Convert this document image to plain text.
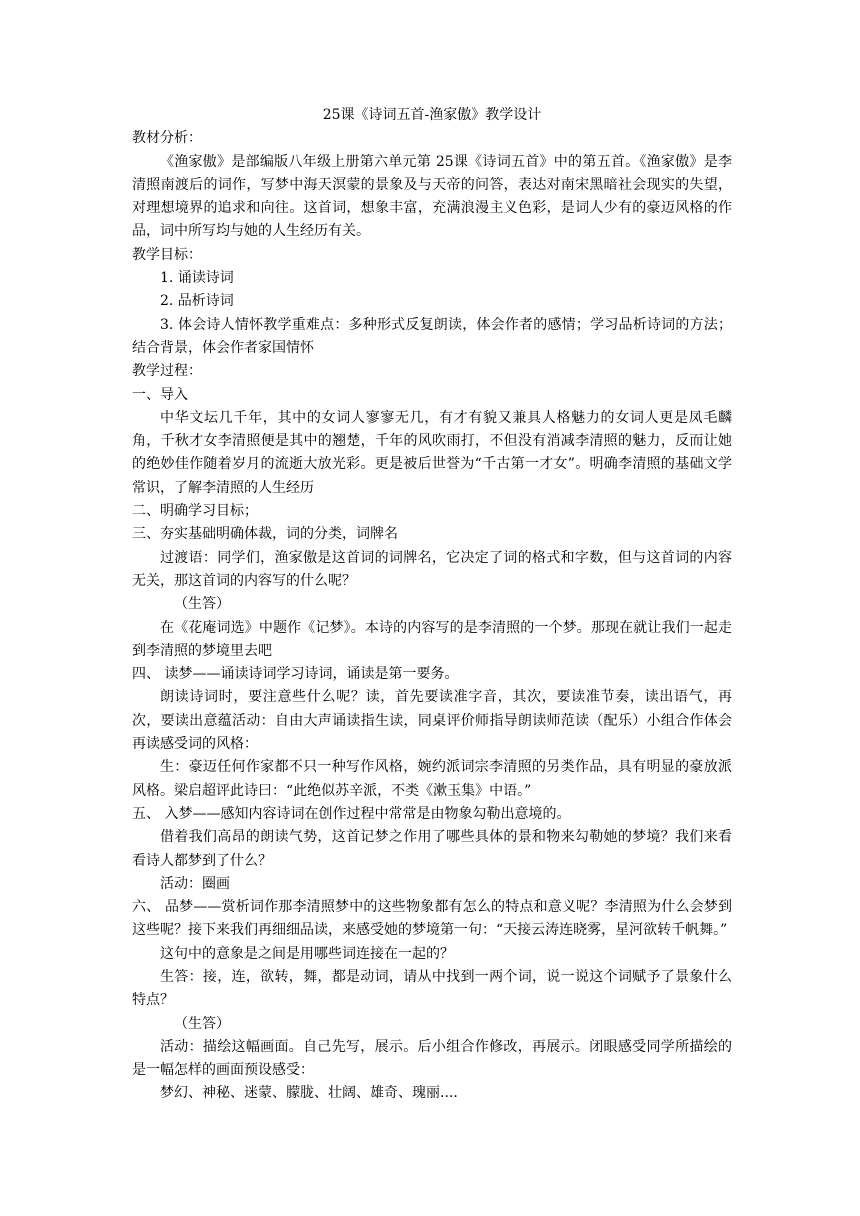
25课《诗词五首-渔家傲》教学设计

教材分析：

《渔家傲》是部编版八年级上册第六单元第 25课《诗词五首》中的第五首。《渔家傲》是李清照南渡后的词作，写梦中海天溟蒙的景象及与天帝的问答，表达对南宋黑暗社会现实的失望，对理想境界的追求和向往。这首词，想象丰富，充满浪漫主义色彩，是词人少有的豪迈风格的作品，词中所写均与她的人生经历有关。

教学目标：

1. 诵读诗词

2. 品析诗词

3. 体会诗人情怀教学重难点：多种形式反复朗读，体会作者的感情；学习品析诗词的方法；结合背景，体会作者家国情怀

教学过程：

一、导入

中华文坛几千年，其中的女词人寥寥无几，有才有貌又兼具人格魅力的女词人更是凤毛麟角，千秋才女李清照便是其中的翘楚，千年的风吹雨打，不但没有消减李清照的魅力，反而让她的绝妙佳作随着岁月的流逝大放光彩。更是被后世誉为“千古第一才女”。明确李清照的基础文学常识，了解李清照的人生经历

二、明确学习目标；

三、夯实基础明确体裁，词的分类，词牌名

过渡语：同学们，渔家傲是这首词的词牌名，它决定了词的格式和字数，但与这首词的内容无关，那这首词的内容写的什么呢？

（生答）

在《花庵词选》中题作《记梦》。本诗的内容写的是李清照的一个梦。那现在就让我们一起走到李清照的梦境里去吧

四、 读梦——诵读诗词学习诗词，诵读是第一要务。

朗读诗词时，要注意些什么呢？读，首先要读准字音，其次，要读准节奏，读出语气，再次，要读出意蕴活动：自由大声诵读指生读，同桌评价师指导朗读师范读（配乐）小组合作体会再读感受词的风格：

生：豪迈任何作家都不只一种写作风格，婉约派词宗李清照的另类作品，具有明显的豪放派风格。梁启超评此诗曰：“此绝似苏辛派，不类《漱玉集》中语。”

五、 入梦——感知内容诗词在创作过程中常常是由物象勾勒出意境的。

借着我们高昂的朗读气势，这首记梦之作用了哪些具体的景和物来勾勒她的梦境？我们来看看诗人都梦到了什么？

活动：圈画

六、 品梦——赏析词作那李清照梦中的这些物象都有怎么的特点和意义呢？李清照为什么会梦到这些呢？接下来我们再细细品读，来感受她的梦境第一句：“天接云涛连晓雾，星河欲转千帆舞。”

这句中的意象是之间是用哪些词连接在一起的？

生答：接，连，欲转，舞，都是动词，请从中找到一两个词，说一说这个词赋予了景象什么特点？

（生答）

活动：描绘这幅画面。自己先写，展示。后小组合作修改，再展示。闭眼感受同学所描绘的是一幅怎样的画面预设感受：

梦幻、神秘、迷蒙、朦胧、壮阔、雄奇、瑰丽....
